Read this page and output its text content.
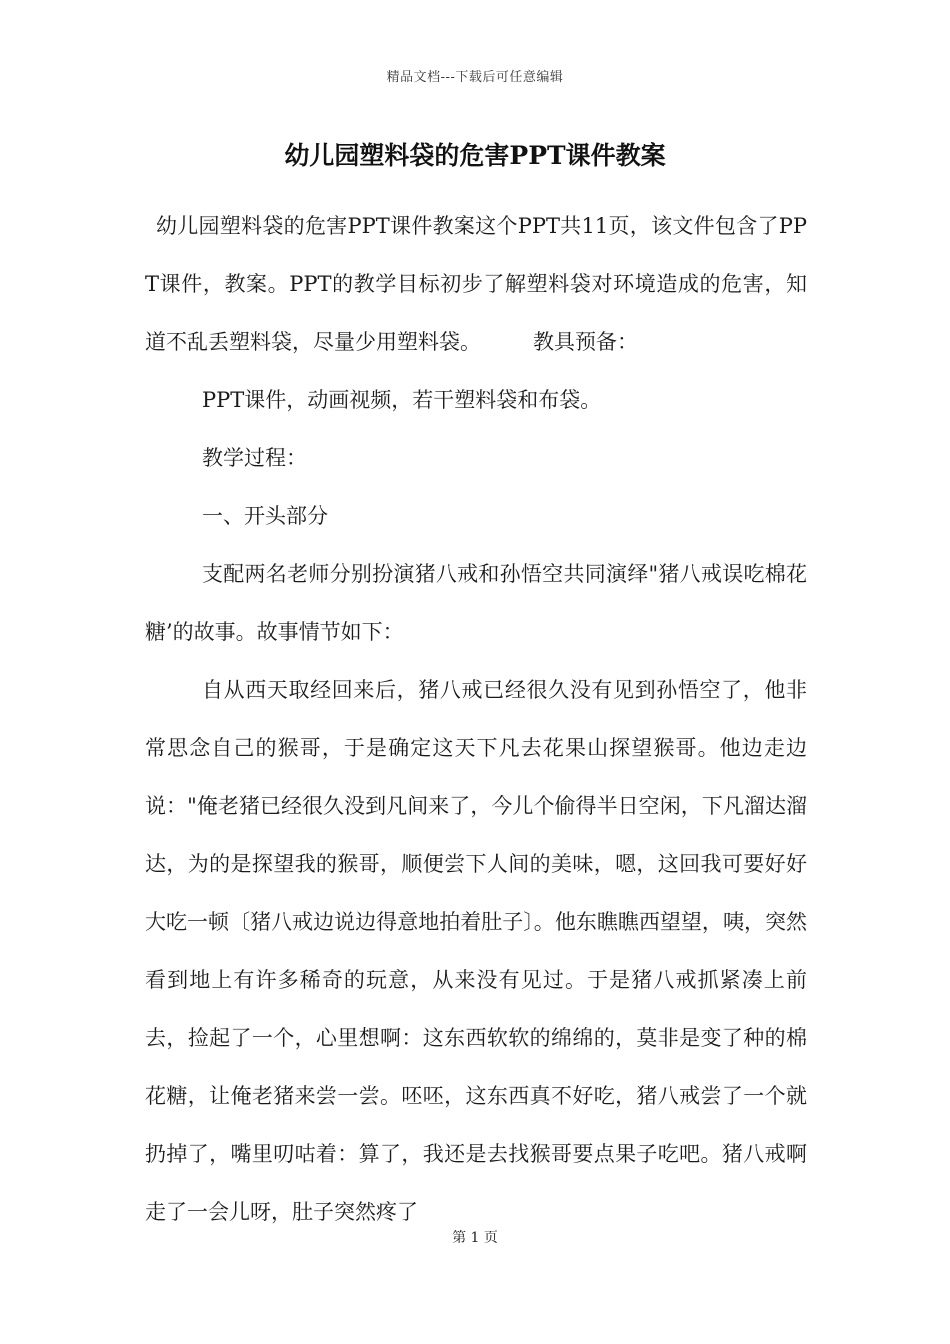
精品文档---下载后可任意编辑
幼儿园塑料袋的危害PPT课件教案

幼儿园塑料袋的危害PPT课件教案这个PPT共11页，该文件包含了PPT课件，教案。PPT的教学目标初步了解塑料袋对环境造成的危害，知道不乱丢塑料袋，尽量少用塑料袋。 教具预备：

PPT课件，动画视频，若干塑料袋和布袋。

教学过程：

一、开头部分

支配两名老师分别扮演猪八戒和孙悟空共同演绎"猪八戒误吃棉花糖’的故事。故事情节如下：

自从西天取经回来后，猪八戒已经很久没有见到孙悟空了，他非常思念自己的猴哥，于是确定这天下凡去花果山探望猴哥。他边走边说："俺老猪已经很久没到凡间来了，今儿个偷得半日空闲，下凡溜达溜达，为的是探望我的猴哥，顺便尝下人间的美味，嗯，这回我可要好好大吃一顿〔猪八戒边说边得意地拍着肚子〕。他东瞧瞧西望望，咦，突然看到地上有许多稀奇的玩意，从来没有见过。于是猪八戒抓紧凑上前去，捡起了一个，心里想啊：这东西软软的绵绵的，莫非是变了种的棉花糖，让俺老猪来尝一尝。呸呸，这东西真不好吃，猪八戒尝了一个就扔掉了，嘴里叨咕着：算了，我还是去找猴哥要点果子吃吧。猪八戒啊走了一会儿呀，肚子突然疼了

第 1 页
